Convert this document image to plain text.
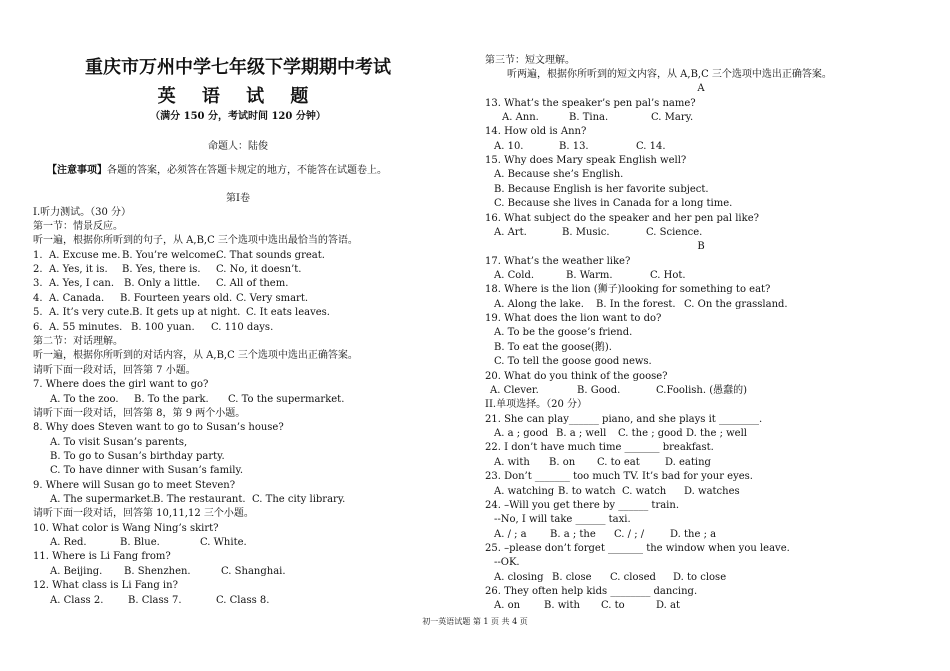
重庆市万州中学七年级下学期期中考试
英 语 试 题
（满分 150 分，考试时间 120 分钟）
命题人：陆俊
【注意事项】各题的答案，必须答在答题卡规定的地方，不能答在试题卷上。
第Ⅰ卷
I.听力测试。（30 分）
第一节：情景反应。
听一遍，根据你所听到的句子，从 A,B,C 三个选项中选出最恰当的答语。
1. A. Excuse me. B. You’re welcome.C. That sounds great.
2. A. Yes, it is. B. Yes, there is. C. No, it doesn’t.
3. A. Yes, I can. B. Only a little. C. All of them.
4. A. Canada. B. Fourteen years old. C. Very smart.
5. A. It’s very cute.B. It gets up at night. C. It eats leaves.
6. A. 55 minutes. B. 100 yuan. C. 110 days.
第二节：对话理解。
听一遍，根据你所听到的对话内容，从 A,B,C 三个选项中选出正确答案。
请听下面一段对话，回答第 7 小题。
7. Where does the girl want to go?
A. To the zoo. B. To the park. C. To the supermarket.
请听下面一段对话，回答第 8，第 9 两个小题。
8. Why does Steven want to go to Susan’s house?
A. To visit Susan’s parents,
B. To go to Susan’s birthday party.
C. To have dinner with Susan’s family.
9. Where will Susan go to meet Steven?
A. The supermarket.B. The restaurant. C. The city library.
请听下面一段对话，回答第 10,11,12 三个小题。
10. What color is Wang Ning’s skirt?
A. Red.	B. Blue.	C. White.
11. Where is Li Fang from?
A. Beijing. B. Shenzhen.	C. Shanghai.
12. What class is Li Fang in?
A. Class 2. B. Class 7.	C. Class 8.
第三节：短文理解。
听两遍，根据你所听到的短文内容，从 A,B,C 三个选项中选出正确答案。
A
13. What’s the speaker’s pen pal’s name?
A. Ann.	B. Tina.	C. Mary.
14. How old is Ann?
A. 10.	B. 13.	C. 14.
15. Why does Mary speak English well?
A. Because she’s English.
B. Because English is her favorite subject.
C. Because she lives in Canada for a long time.
16. What subject do the speaker and her pen pal like?
A. Art.	B. Music.	C. Science.
B
17. What’s the weather like?
A. Cold.	B. Warm.	C. Hot.
18. Where is the lion (狮子)looking for something to eat?
A. Along the lake. B. In the forest. C. On the grassland.
19. What does the lion want to do?
A. To be the goose’s friend.
B. To eat the goose(鹅).
C. To tell the goose good news.
20. What do you think of the goose?
A. Clever.	B. Good.	C.Foolish. (愚蠢的)
II.单项选择。（20 分）
21. She can play______ piano, and she plays it ________.
A. a ; good B. a ; well C. the ; good D. the ; well
22. I don’t have much time _______ breakfast.
A. with B. on C. to eat	D. eating
23. Don’t _______ too much TV. It’s bad for your eyes.
A. watching B. to watch C. watch D. watches
24. –Will you get there by ______ train.
--No, I will take ______ taxi.
A. / ; a B. a ; the C. / ; /	D. the ; a
25. –please don’t forget _______ the window when you leave.
--OK.
A. closing B. close C. closed D. to close
26. They often help kids ________ dancing.
A. on B. with C. to	D. at
初一英语试题 第 1 页 共 4 页
